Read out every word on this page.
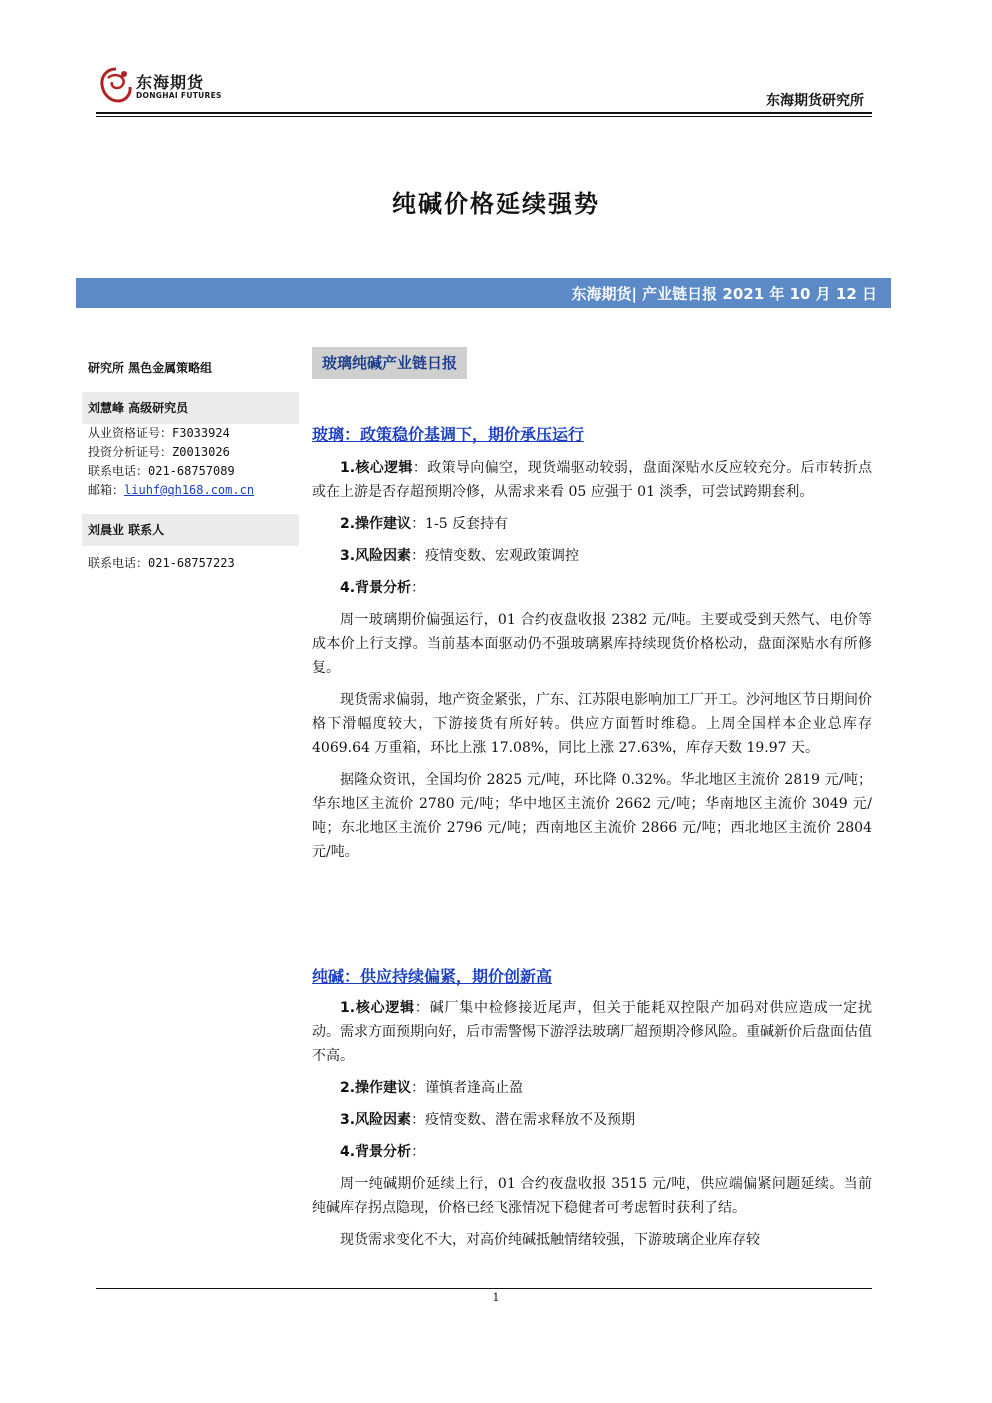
东海期货
DONGHAI FUTURES	东海期货研究所
纯碱价格延续强势
东海期货| 产业链日报 2021 年 10 月 12 日
研究所 黑色金属策略组
刘慧峰 高级研究员
从业资格证号：F3033924
投资分析证号：Z0013026
联系电话：021-68757089
邮箱：liuhf@qh168.com.cn
刘晨业 联系人
联系电话：021-68757223
玻璃纯碱产业链日报
玻璃：政策稳价基调下，期价承压运行

1.核心逻辑：政策导向偏空，现货端驱动较弱，盘面深贴水反应较充分。后市转折点或在上游是否存超预期冷修，从需求来看 05 应强于 01 淡季，可尝试跨期套利。

2.操作建议：1-5 反套持有

3.风险因素：疫情变数、宏观政策调控

4.背景分析：

周一玻璃期价偏强运行，01 合约夜盘收报 2382 元/吨。主要或受到天然气、电价等成本价上行支撑。当前基本面驱动仍不强玻璃累库持续现货价格松动，盘面深贴水有所修复。

现货需求偏弱，地产资金紧张，广东、江苏限电影响加工厂开工。沙河地区节日期间价格下滑幅度较大，下游接货有所好转。供应方面暂时维稳。上周全国样本企业总库存 4069.64 万重箱，环比上涨 17.08%，同比上涨 27.63%，库存天数 19.97 天。

据隆众资讯，全国均价 2825 元/吨，环比降 0.32%。华北地区主流价 2819 元/吨；华东地区主流价 2780 元/吨；华中地区主流价 2662 元/吨；华南地区主流价 3049 元/吨；东北地区主流价 2796 元/吨；西南地区主流价 2866 元/吨；西北地区主流价 2804 元/吨。

纯碱：供应持续偏紧，期价创新高

1.核心逻辑：碱厂集中检修接近尾声，但关于能耗双控限产加码对供应造成一定扰动。需求方面预期向好，后市需警惕下游浮法玻璃厂超预期冷修风险。重碱新价后盘面估值不高。

2.操作建议：谨慎者逢高止盈

3.风险因素：疫情变数、潜在需求释放不及预期

4.背景分析：

周一纯碱期价延续上行，01 合约夜盘收报 3515 元/吨，供应端偏紧问题延续。当前纯碱库存拐点隐现，价格已经飞涨情况下稳健者可考虑暂时获利了结。

现货需求变化不大，对高价纯碱抵触情绪较强，下游玻璃企业库存较

1
